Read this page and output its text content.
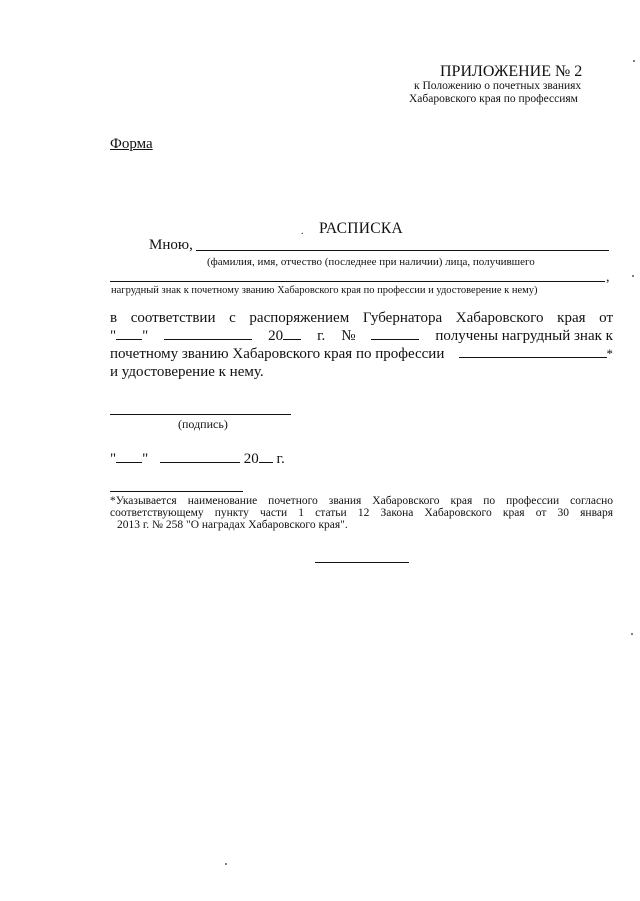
ПРИЛОЖЕНИЕ № 2
к Положению о почетных званиях
Хабаровского края по профессиям
Форма
. РАСПИСКА
Мною,
(фамилия, имя, отчество (последнее при наличии) лица, получившего
,
нагрудный знак к почетному званию Хабаровского края по профессии и удостоверение к нему)
в соответствии с распоряжением Губернатора Хабаровского края от
" "	20	г. №	получены нагрудный знак к
почетному званию Хабаровского края по профессии	*
и удостоверение к нему.
(подпись)
" "	20 г.
*Указывается наименование почетного звания Хабаровского края по профессии согласно
соответствующему пункту части 1 статьи 12 Закона Хабаровского края от 30 января
2013 г. № 258 "О наградах Хабаровского края".
